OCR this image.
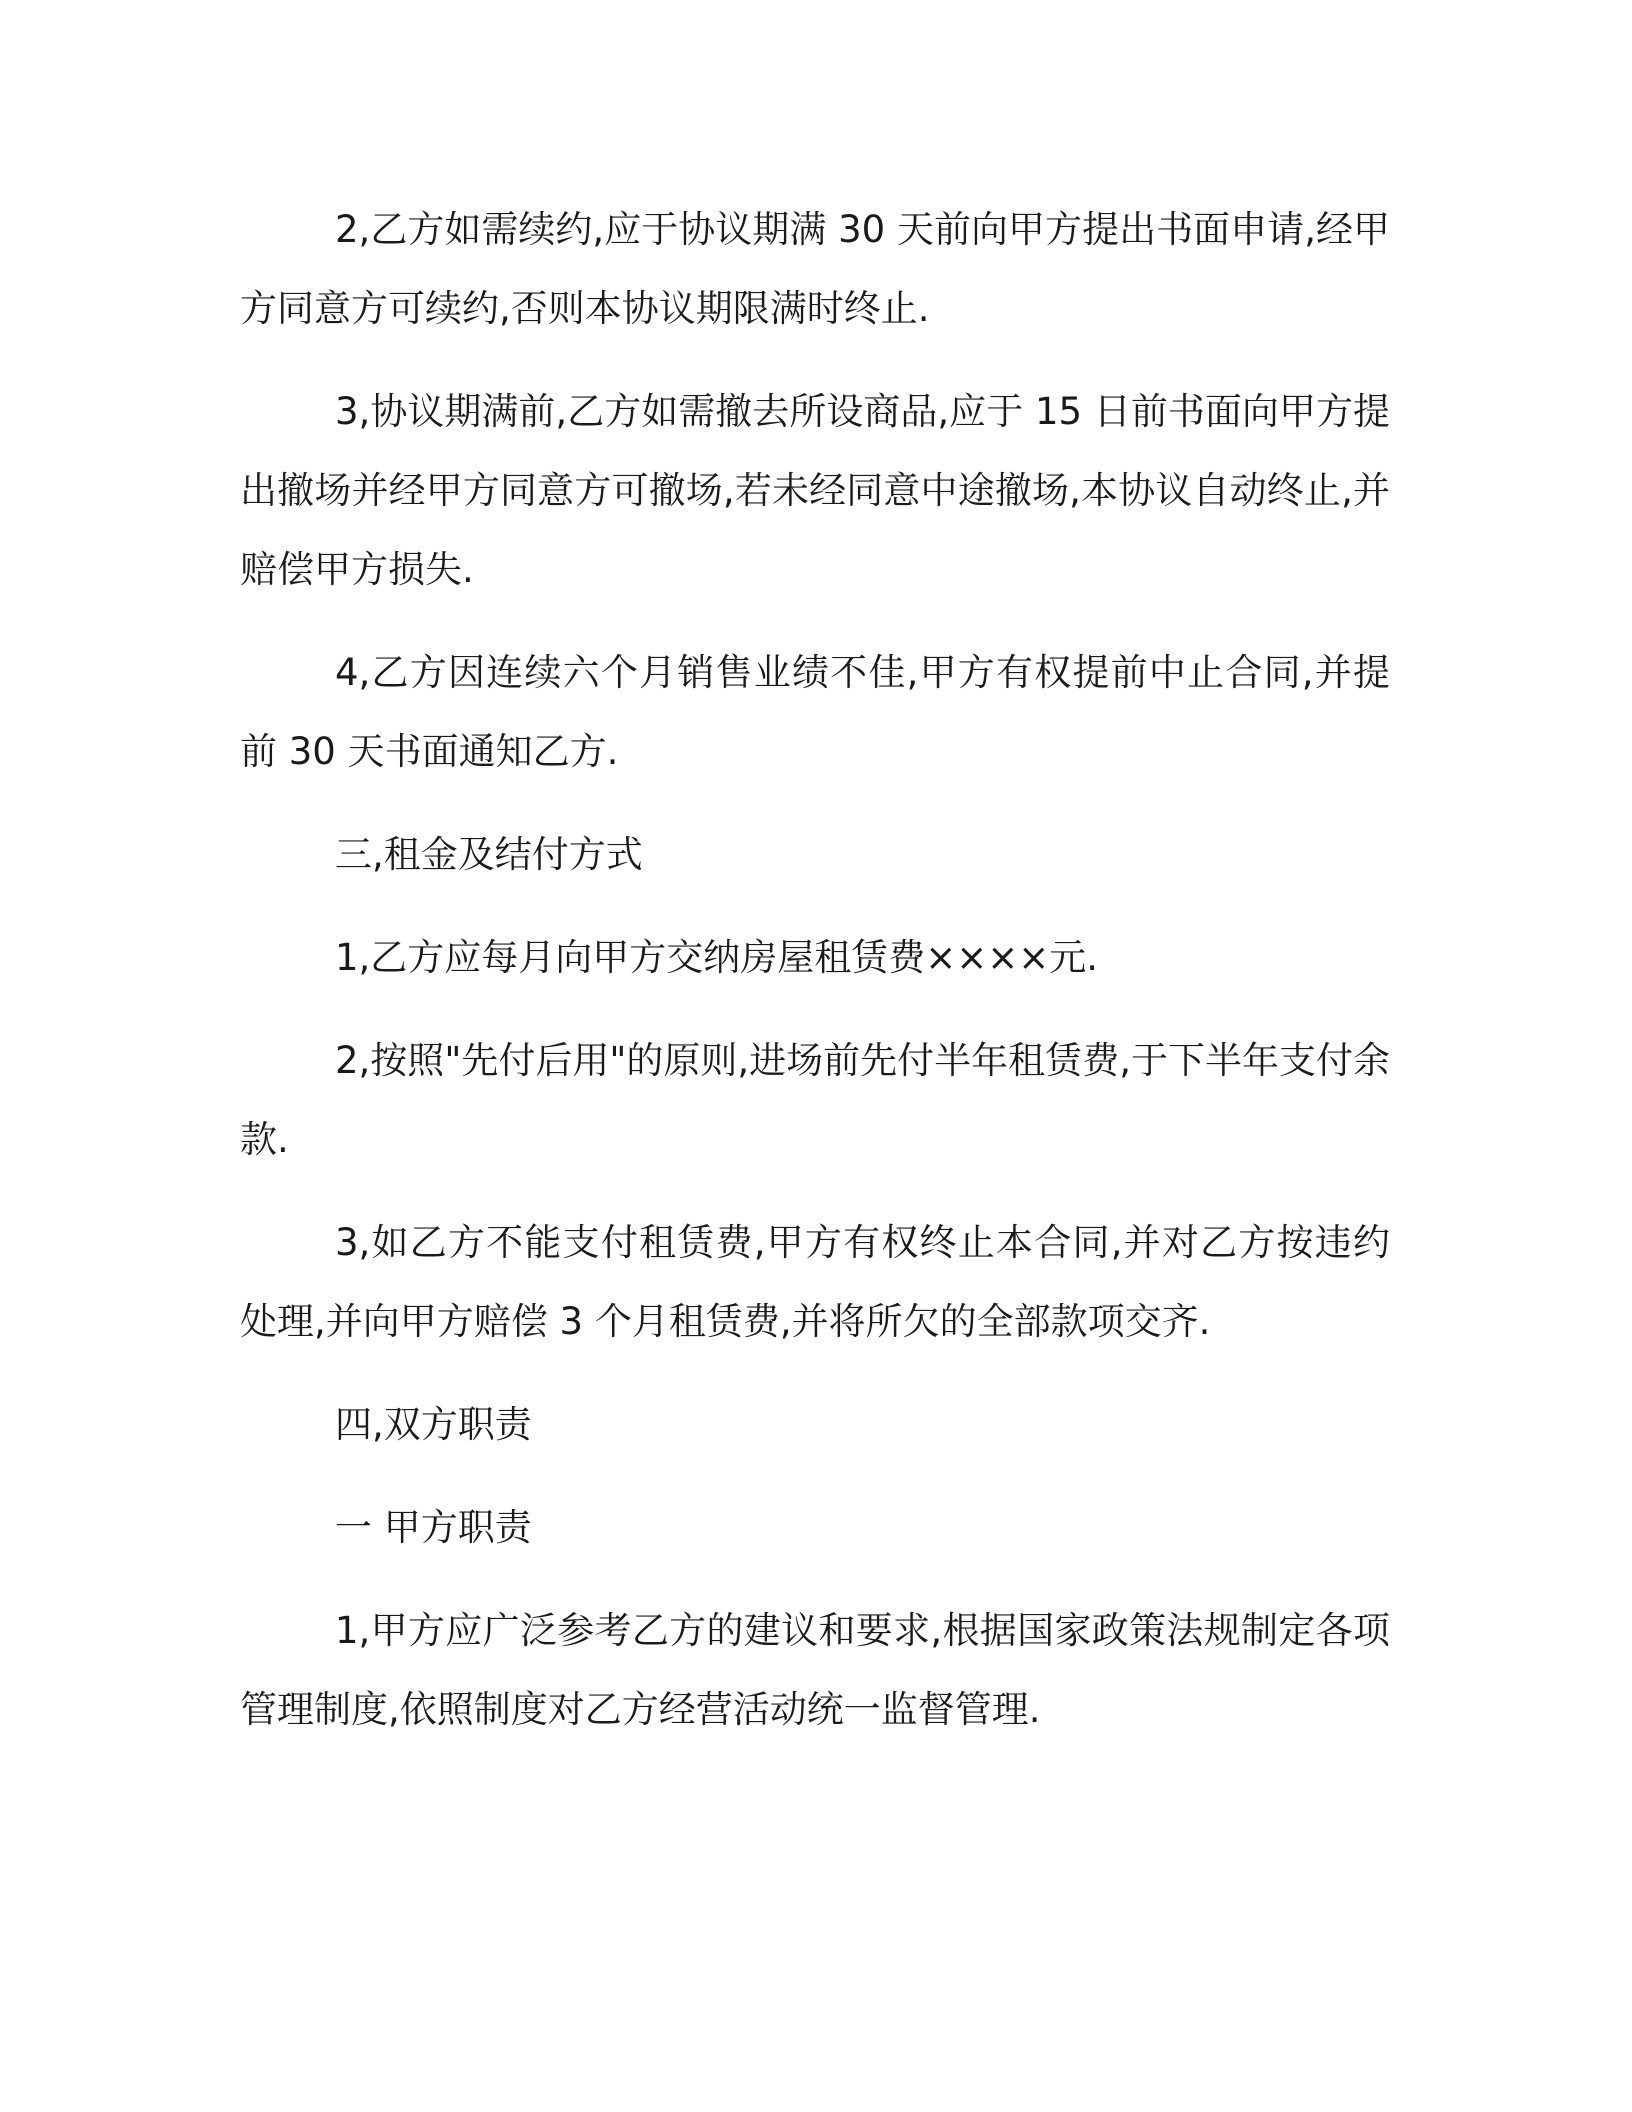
2,乙方如需续约,应于协议期满 30 天前向甲方提出书面申请,经甲方同意方可续约,否则本协议期限满时终止.

3,协议期满前,乙方如需撤去所设商品,应于 15 日前书面向甲方提出撤场并经甲方同意方可撤场,若未经同意中途撤场,本协议自动终止,并赔偿甲方损失.

4,乙方因连续六个月销售业绩不佳,甲方有权提前中止合同,并提前 30 天书面通知乙方.

三,租金及结付方式

1,乙方应每月向甲方交纳房屋租赁费××××元.

2,按照"先付后用"的原则,进场前先付半年租赁费,于下半年支付余款.

3,如乙方不能支付租赁费,甲方有权终止本合同,并对乙方按违约处理,并向甲方赔偿 3 个月租赁费,并将所欠的全部款项交齐.

四,双方职责

一 甲方职责

1,甲方应广泛参考乙方的建议和要求,根据国家政策法规制定各项管理制度,依照制度对乙方经营活动统一监督管理.
